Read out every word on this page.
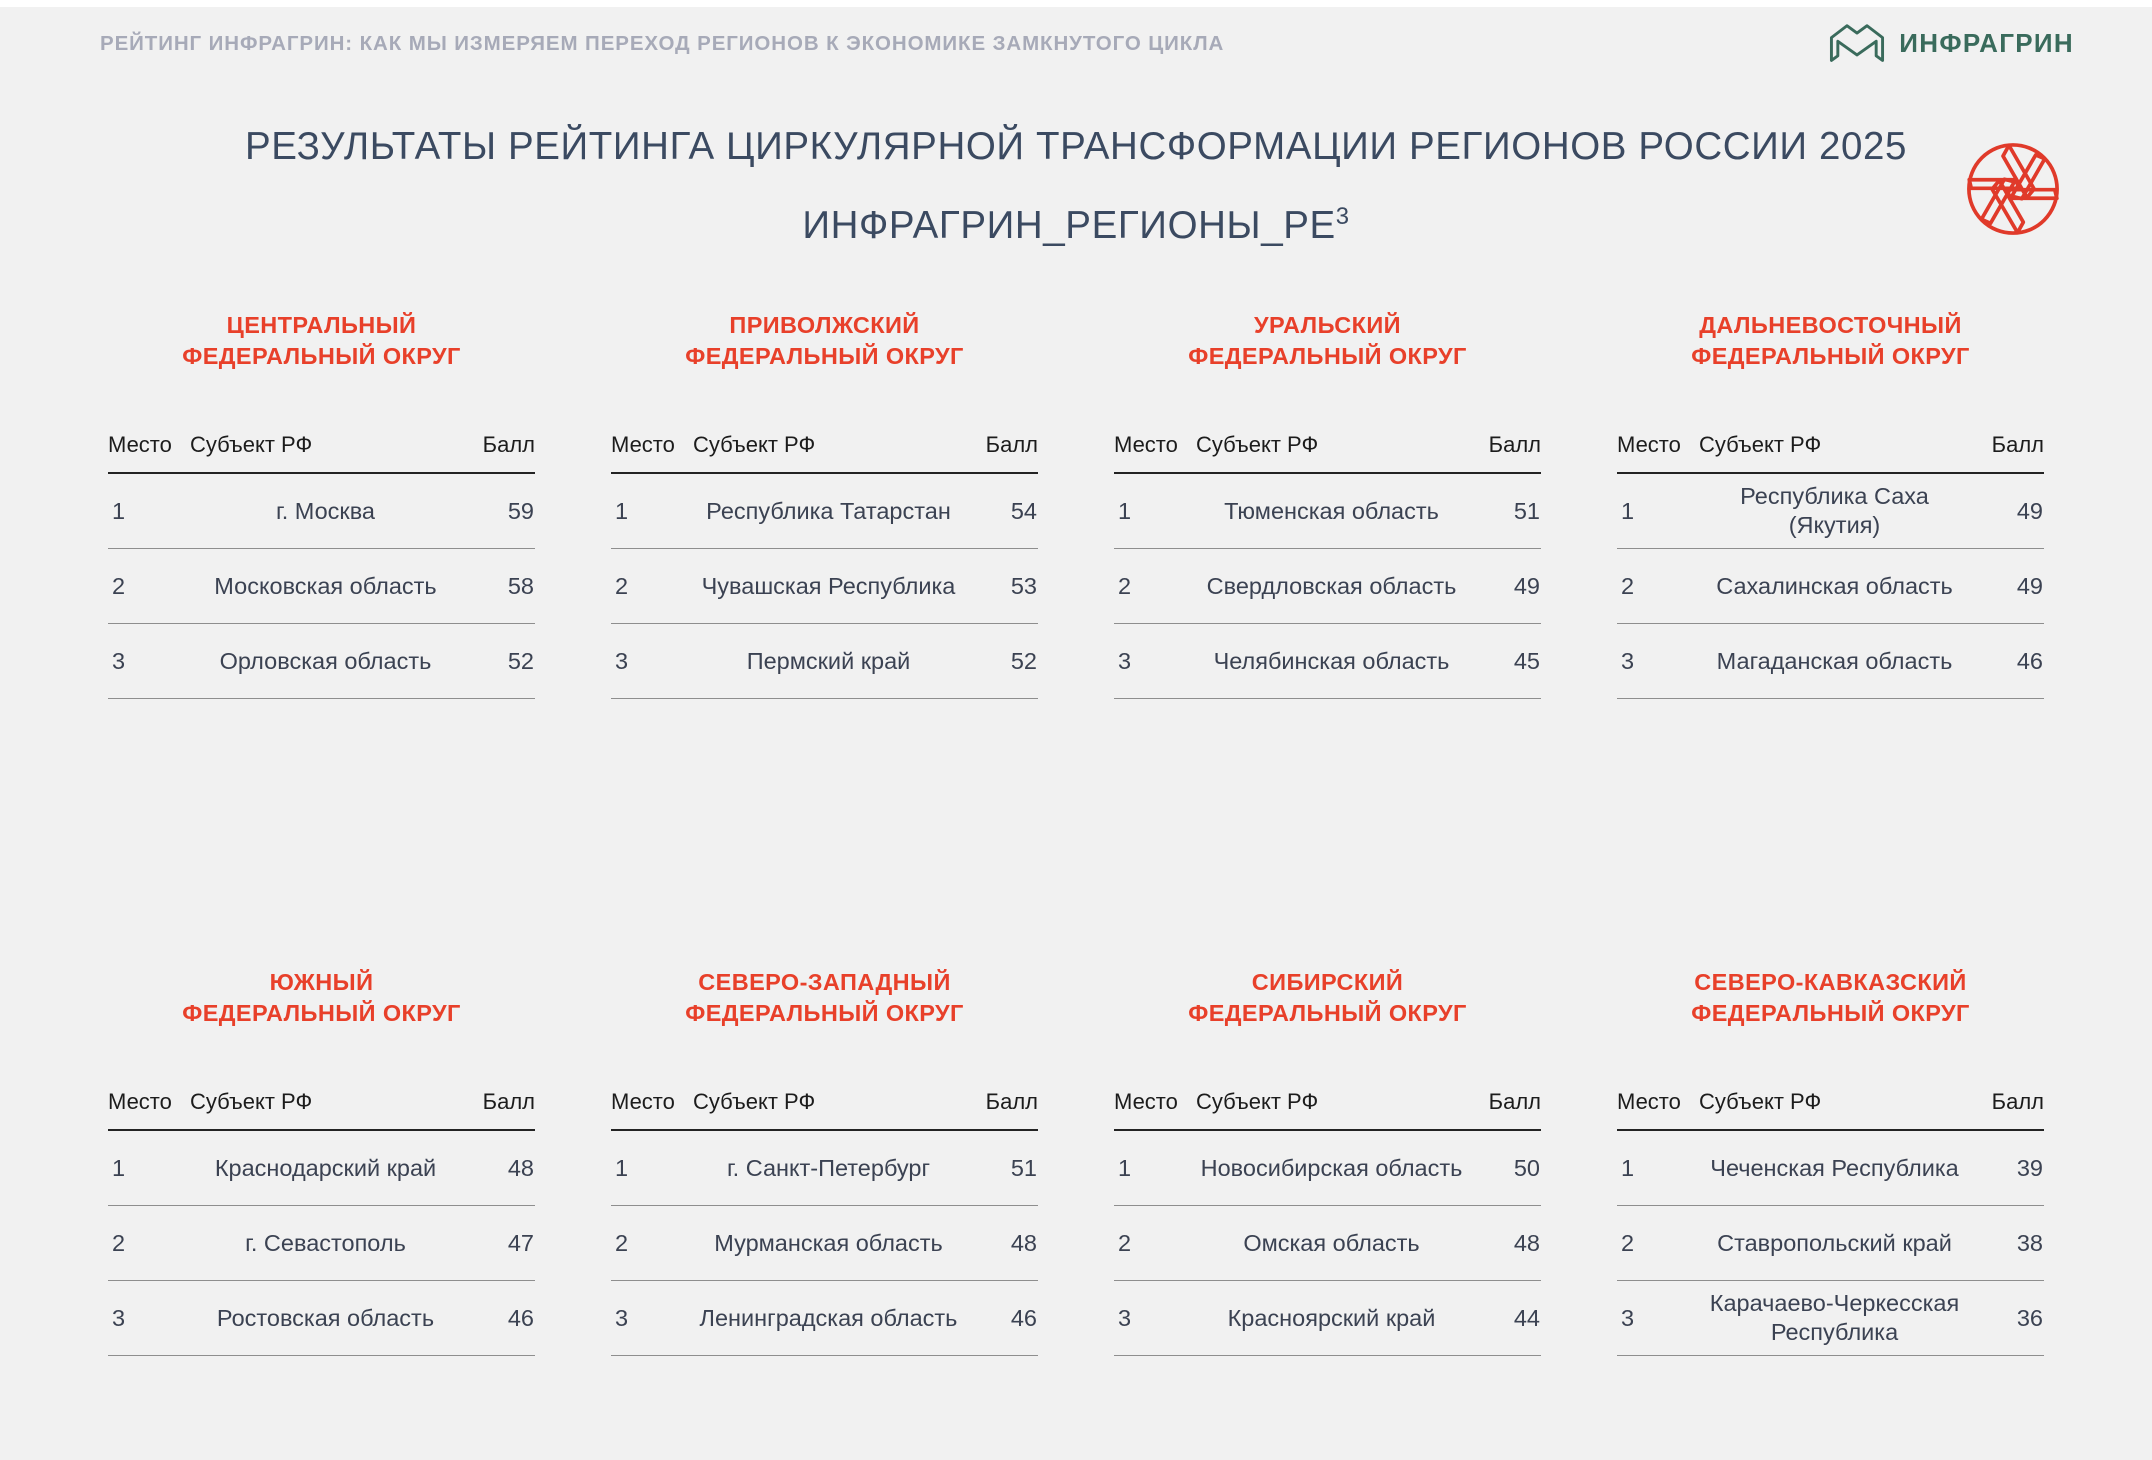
РЕЙТИНГ ИНФРАГРИН: КАК МЫ ИЗМЕРЯЕМ ПЕРЕХОД РЕГИОНОВ К ЭКОНОМИКЕ ЗАМКНУТОГО ЦИКЛА	ИНФРАГРИН
РЕЗУЛЬТАТЫ РЕЙТИНГА ЦИРКУЛЯРНОЙ ТРАНСФОРМАЦИИ РЕГИОНОВ РОССИИ 2025
$ИНФРАГРИН\_РЕГИОНЫ\_РЕ^3$
ЦЕНТРАЛЬНЫЙ
ФЕДЕРАЛЬНЫЙ ОКРУГ
Место	Субъект РФ	Балл
1	г. Москва	59
2	Московская область	58
3	Орловская область	52
ПРИВОЛЖСКИЙ
ФЕДЕРАЛЬНЫЙ ОКРУГ
Место	Субъект РФ	Балл
1	Республика Татарстан	54
2	Чувашская Республика	53
3	Пермский край	52
УРАЛЬСКИЙ
ФЕДЕРАЛЬНЫЙ ОКРУГ
Место	Субъект РФ	Балл
1	Тюменская область	51
2	Свердловская область	49
3	Челябинская область	45
ДАЛЬНЕВОСТОЧНЫЙ
ФЕДЕРАЛЬНЫЙ ОКРУГ
Место	Субъект РФ	Балл
1	Республика Саха (Якутия)	49
2	Сахалинская область	49
3	Магаданская область	46
ЮЖНЫЙ
ФЕДЕРАЛЬНЫЙ ОКРУГ
Место	Субъект РФ	Балл
1	Краснодарский край	48
2	г. Севастополь	47
3	Ростовская область	46
СЕВЕРО-ЗАПАДНЫЙ
ФЕДЕРАЛЬНЫЙ ОКРУГ
Место	Субъект РФ	Балл
1	г. Санкт-Петербург	51
2	Мурманская область	48
3	Ленинградская область	46
СИБИРСКИЙ
ФЕДЕРАЛЬНЫЙ ОКРУГ
Место	Субъект РФ	Балл
1	Новосибирская область	50
2	Омская область	48
3	Красноярский край	44
СЕВЕРО-КАВКАЗСКИЙ
ФЕДЕРАЛЬНЫЙ ОКРУГ
Место	Субъект РФ	Балл
1	Чеченская Республика	39
2	Ставропольский край	38
3	Карачаево-Черкесская Республика	36
